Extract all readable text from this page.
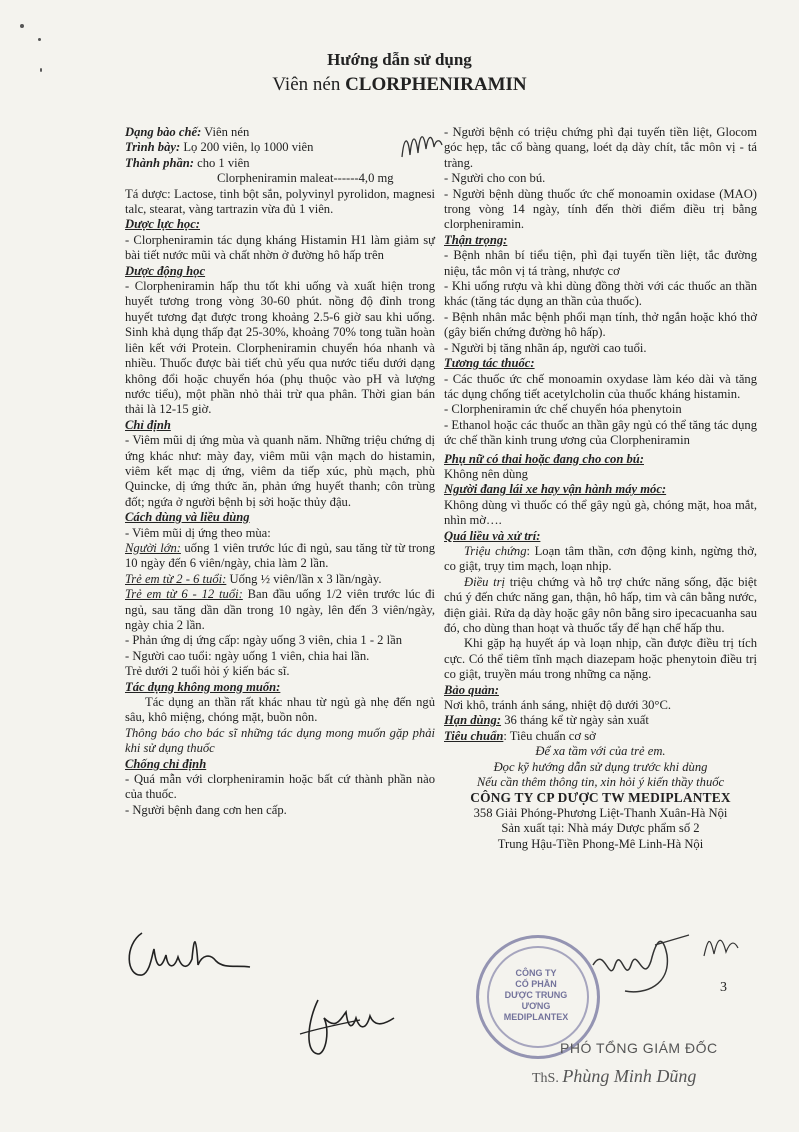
Hướng dẫn sử dụng
Viên nén CLORPHENIRAMIN
Dạng bào chế: Viên nén
Trình bày: Lọ 200 viên, lọ 1000 viên
Thành phần: cho 1 viên
Clorpheniramin maleat------4,0 mg
Tá dược: Lactose, tinh bột sắn, polyvinyl pyrolidon, magnesi talc, stearat, vàng tartrazin vừa đủ 1 viên.
Dược lực học:
- Clorpheniramin tác dụng kháng Histamin H1 làm giảm sự bài tiết nước mũi và chất nhờn ở đường hô hấp trên
Dược động học
- Clorpheniramin hấp thu tốt khi uống và xuất hiện trong huyết tương trong vòng 30-60 phút. nồng độ đỉnh trong huyết tương đạt được trong khoảng 2.5-6 giờ sau khi uống. Sinh khả dụng thấp đạt 25-30%, khoảng 70% tong tuần hoàn liên kết với Protein. Clorpheniramin chuyển hóa nhanh và nhiều. Thuốc được bài tiết chủ yếu qua nước tiểu dưới dạng không đổi hoặc chuyển hóa (phụ thuộc vào pH và lượng nước tiểu), một phần nhỏ thải trừ qua phân. Thời gian bán thải là 12-15 giờ.
Chỉ định
- Viêm mũi dị ứng mùa và quanh năm. Những triệu chứng dị ứng khác như: mày đay, viêm mũi vận mạch do histamin, viêm kết mạc dị ứng, viêm da tiếp xúc, phù mạch, phù Quincke, dị ứng thức ăn, phản ứng huyết thanh; côn trùng đốt; ngứa ở người bệnh bị sởi hoặc thủy đậu.
Cách dùng và liều dùng
- Viêm mũi dị ứng theo mùa:
Người lớn: uống 1 viên trước lúc đi ngủ, sau tăng từ từ trong 10 ngày đến 6 viên/ngày, chia làm 2 lần.
Trẻ em từ 2 - 6 tuổi: Uống ½ viên/lần x 3 lần/ngày.
Trẻ em từ 6 - 12 tuổi: Ban đầu uống 1/2 viên trước lúc đi ngủ, sau tăng dần dần trong 10 ngày, lên đến 3 viên/ngày, ngày chia 2 lần.
- Phản ứng dị ứng cấp: ngày uống 3 viên, chia 1 - 2 lần
- Người cao tuổi: ngày uống 1 viên, chia hai lần.
Trẻ dưới 2 tuổi hỏi ý kiến bác sĩ.
Tác dụng không mong muốn:
Tác dụng an thần rất khác nhau từ ngủ gà nhẹ đến ngủ sâu, khô miệng, chóng mặt, buồn nôn.
Thông báo cho bác sĩ những tác dụng mong muốn gặp phải khi sử dụng thuốc
Chống chỉ định
- Quá mẫn với clorpheniramin hoặc bất cứ thành phần nào của thuốc.
- Người bệnh đang cơn hen cấp.
- Người bệnh có triệu chứng phì đại tuyến tiền liệt, Glocom góc hẹp, tắc cổ bàng quang, loét dạ dày chít, tắc môn vị - tá tràng.
- Người cho con bú.
- Người bệnh dùng thuốc ức chế monoamin oxidase (MAO) trong vòng 14 ngày, tính đến thời điểm điều trị bằng clorpheniramin.
Thận trọng:
- Bệnh nhân bí tiểu tiện, phì đại tuyến tiền liệt, tắc đường niệu, tắc môn vị tá tràng, nhược cơ
- Khi uống rượu và khi dùng đồng thời với các thuốc an thần khác (tăng tác dụng an thần của thuốc).
- Bệnh nhân mắc bệnh phổi mạn tính, thở ngắn hoặc khó thở (gây biến chứng đường hô hấp).
- Người bị tăng nhãn áp, người cao tuổi.
Tương tác thuốc:
- Các thuốc ức chế monoamin oxydase làm kéo dài và tăng tác dụng chống tiết acetylcholin của thuốc kháng histamin.
- Clorpheniramin ức chế chuyển hóa phenytoin
- Ethanol hoặc các thuốc an thần gây ngủ có thể tăng tác dụng ức chế thần kinh trung ương của Clorpheniramin
Phụ nữ có thai hoặc đang cho con bú:
Không nên dùng
Người đang lái xe hay vận hành máy móc:
Không dùng vì thuốc có thể gây ngủ gà, chóng mặt, hoa mắt, nhìn mờ….
Quá liều và xử trí:
Triệu chứng: Loạn tâm thần, cơn động kinh, ngừng thở, co giật, trụy tim mạch, loạn nhịp.
Điều trị triệu chứng và hỗ trợ chức năng sống, đặc biệt chú ý đến chức năng gan, thận, hô hấp, tim và cân bằng nước, điện giải. Rửa dạ dày hoặc gây nôn bằng siro ipecacuanha sau đó, cho dùng than hoạt và thuốc tẩy để hạn chế hấp thu.
Khi gặp hạ huyết áp và loạn nhịp, cần được điều trị tích cực. Có thể tiêm tĩnh mạch diazepam hoặc phenytoin điều trị co giật, truyền máu trong những ca nặng.
Bảo quản:
Nơi khô, tránh ánh sáng, nhiệt độ dưới 30°C.
Hạn dùng: 36 tháng kể từ ngày sản xuất
Tiêu chuẩn: Tiêu chuẩn cơ sở
Để xa tầm với của trẻ em.
Đọc kỹ hướng dẫn sử dụng trước khi dùng
Nếu cần thêm thông tin, xin hỏi ý kiến thầy thuốc
CÔNG TY CP DƯỢC TW MEDIPLANTEX
358 Giải Phóng-Phương Liệt-Thanh Xuân-Hà Nội
Sản xuất tại: Nhà máy Dược phẩm số 2
Trung Hậu-Tiền Phong-Mê Linh-Hà Nội
3
CÔNG TY
CỔ PHẦN
DƯỢC TRUNG ƯƠNG
MEDIPLANTEX
PHÓ TỔNG GIÁM ĐỐC
ThS. Phùng Minh Dũng
